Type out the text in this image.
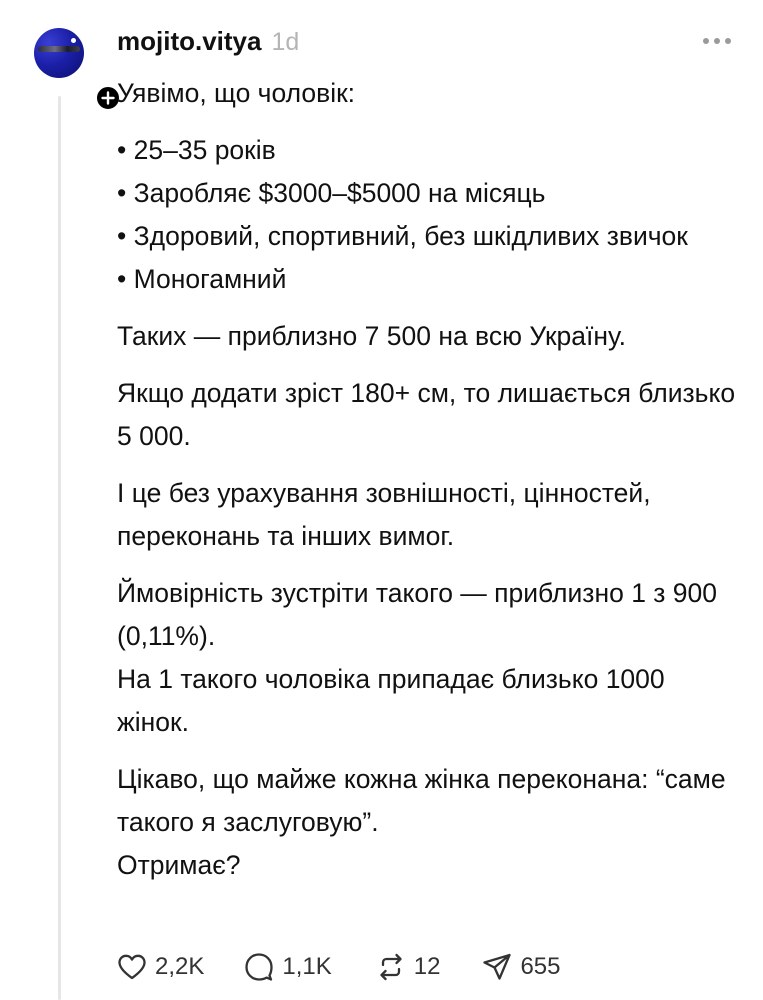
mojito.vitya 1d

Уявімо, що чоловік:

• 25–35 років
• Заробляє $3000–$5000 на місяць
• Здоровий, спортивний, без шкідливих звичок
• Моногамний

Таких — приблизно 7 500 на всю Україну.

Якщо додати зріст 180+ см, то лишається близько 5 000.

І це без урахування зовнішності, цінностей, переконань та інших вимог.

Ймовірність зустріти такого — приблизно 1 з 900 (0,11%).

На 1 такого чоловіка припадає близько 1000 жінок.

Цікаво, що майже кожна жінка переконана: “саме такого я заслуговую”.

Отримає?

2,2K	1,1K	12	655
